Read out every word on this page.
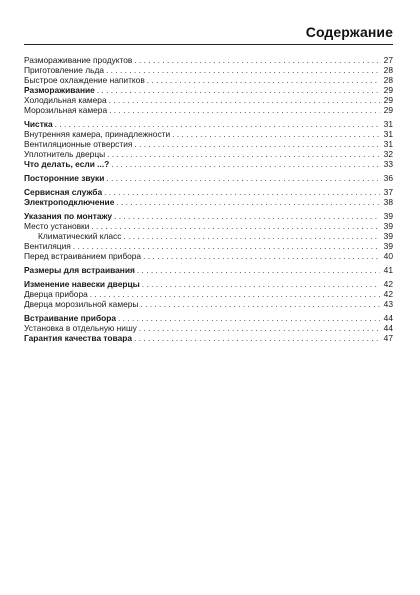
Содержание
Размораживание продуктов . . .	27
Приготовление льда . . .	28
Быстрое охлаждение напитков . . .	28
Размораживание . . .	29
Холодильная камера . . .	29
Морозильная камера . . .	29
Чистка . . .	31
Внутренняя камера, принадлежности . . .	31
Вентиляционные отверстия . . .	31
Уплотнитель дверцы . . .	32
Что делать, если ...? . . .	33
Посторонние звуки . . .	36
Сервисная служба . . .	37
Электроподключение . . .	38
Указания по монтажу . . .	39
Место установки . . .	39
Климатический класс . . .	39
Вентиляция . . .	39
Перед встраиванием прибора . . .	40
Размеры для встраивания . . .	41
Изменение навески дверцы . . .	42
Дверца прибора . . .	42
Дверца морозильной камеры . . .	43
Встраивание прибора . . .	44
Установка в отдельную нишу . . .	44
Гарантия качества товара . . .	47
